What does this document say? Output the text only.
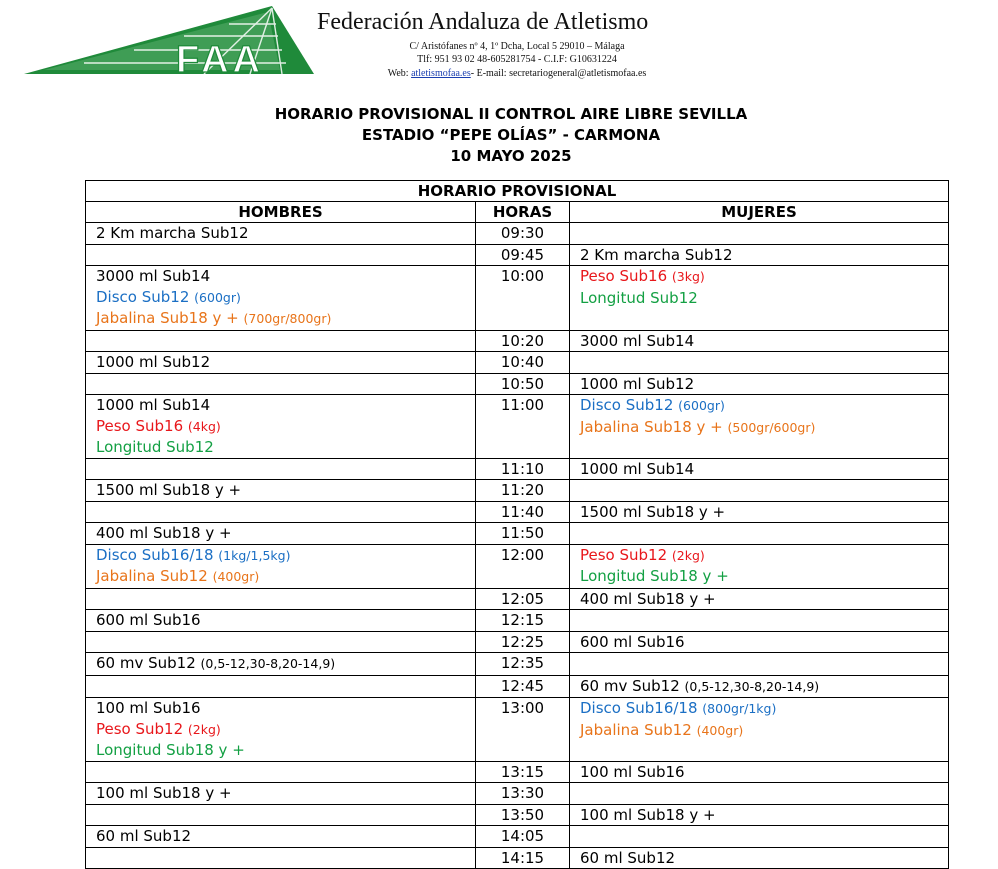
FAA
Federación Andaluza de Atletismo
C/ Aristófanes nº 4, 1º Dcha, Local 5 29010 – Málaga
Tlf: 951 93 02 48-605281754 - C.I.F: G10631224
Web: atletismofaa.es- E-mail: secretariogeneral@atletismofaa.es
HORARIO PROVISIONAL II CONTROL AIRE LIBRE SEVILLA
ESTADIO “PEPE OLÍAS” - CARMONA
10 MAYO 2025
HORARIO PROVISIONAL		
HOMBRES	HORAS	MUJERES

2 Km marcha Sub12	09:30	
	09:45	2 Km marcha Sub12

3000 ml Sub14
Disco Sub12 (600gr)
Jabalina Sub18 y + (700gr/800gr)	10:00	Peso Sub16 (3kg)
Longitud Sub12

	10:20	3000 ml Sub14

1000 ml Sub12	10:40	
	10:50	1000 ml Sub12

1000 ml Sub14
Peso Sub16 (4kg)
Longitud Sub12	11:00	Disco Sub12 (600gr)
Jabalina Sub18 y + (500gr/600gr)

	11:10	1000 ml Sub14

1500 ml Sub18 y +	11:20	
	11:40	1500 ml Sub18 y +

400 ml Sub18 y +	11:50	

Disco Sub16/18 (1kg/1,5kg)
Jabalina Sub12 (400gr)	12:00	Peso Sub12 (2kg)
Longitud Sub18 y +

	12:05	400 ml Sub18 y +

600 ml Sub16	12:15	
	12:25	600 ml Sub16

60 mv Sub12 (0,5-12,30-8,20-14,9)	12:35	
	12:45	60 mv Sub12 (0,5-12,30-8,20-14,9)

100 ml Sub16
Peso Sub12 (2kg)
Longitud Sub18 y +	13:00	Disco Sub16/18 (800gr/1kg)
Jabalina Sub12 (400gr)

	13:15	100 ml Sub16

100 ml Sub18 y +	13:30	
	13:50	100 ml Sub18 y +

60 ml Sub12	14:05	
	14:15	60 ml Sub12
